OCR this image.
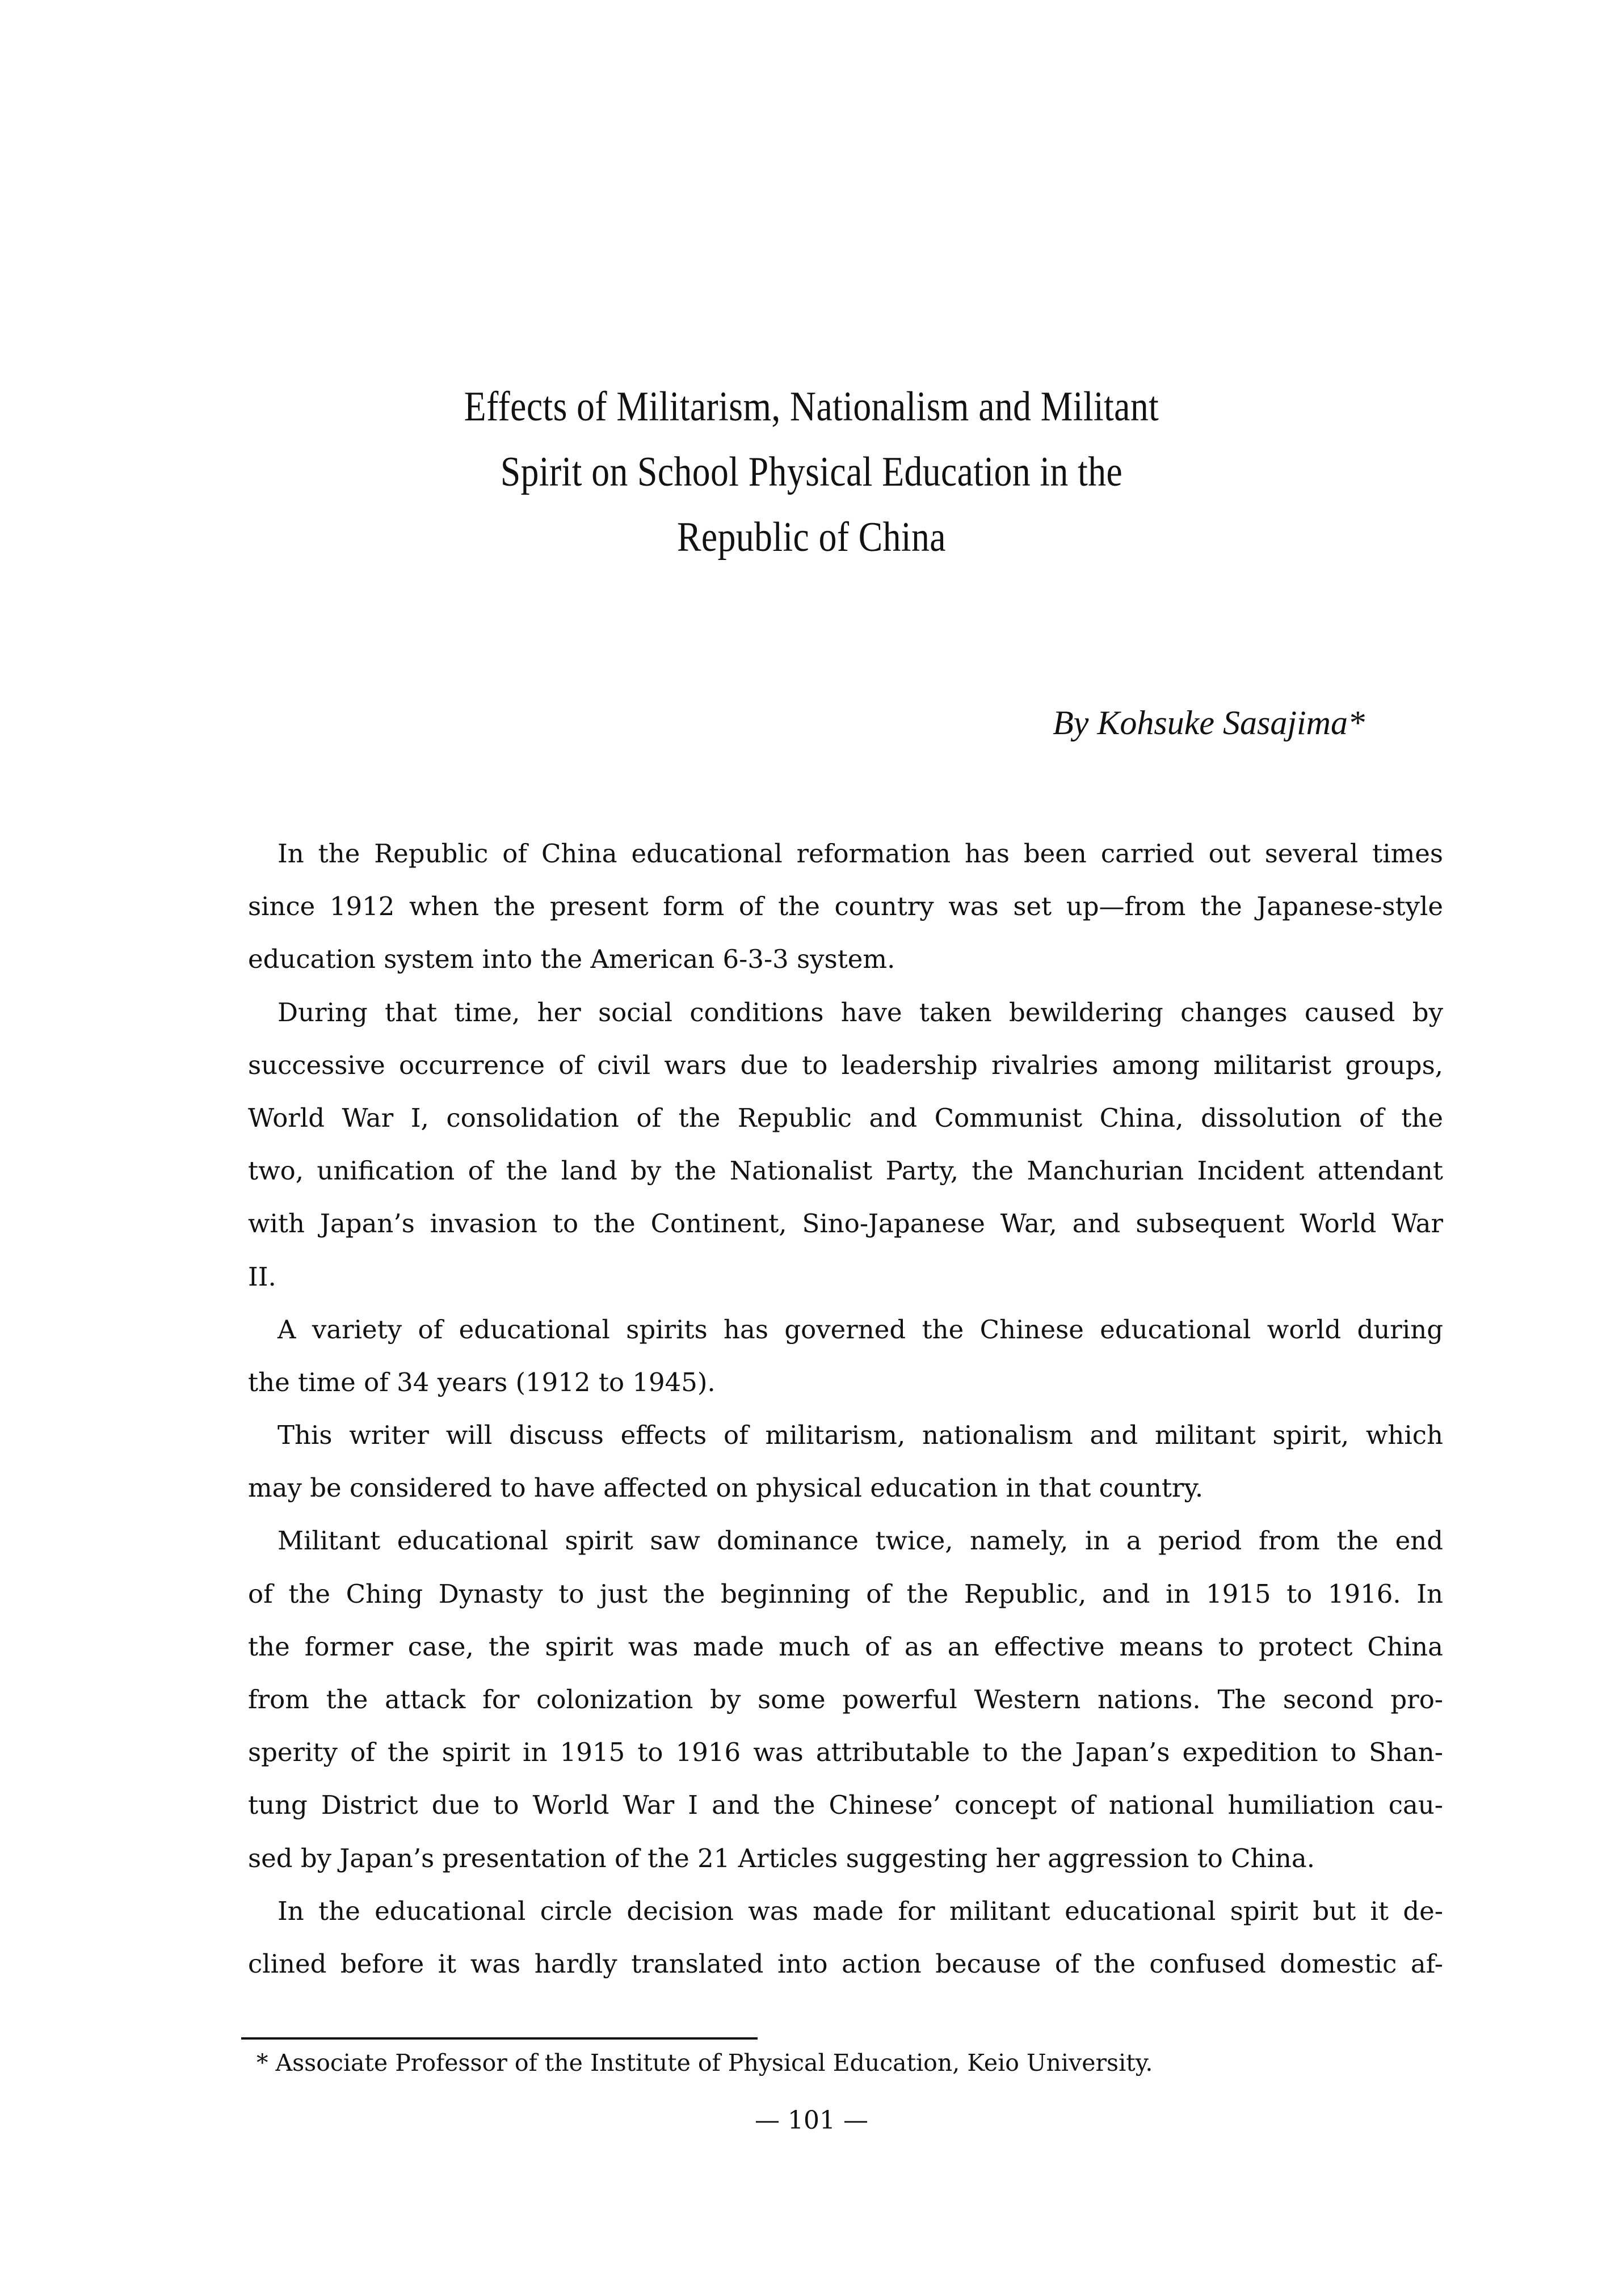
Effects of Militarism, Nationalism and Militant
Spirit on School Physical Education in the
Republic of China
By Kohsuke Sasajima*
In the Republic of China educational reformation has been carried out several times
since 1912 when the present form of the country was set up—from the Japanese-style
education system into the American 6-3-3 system.
During that time, her social conditions have taken bewildering changes caused by
successive occurrence of civil wars due to leadership rivalries among militarist groups,
World War I, consolidation of the Republic and Communist China, dissolution of the
two, unification of the land by the Nationalist Party, the Manchurian Incident attendant
with Japan’s invasion to the Continent, Sino-Japanese War, and subsequent World War
II.
A variety of educational spirits has governed the Chinese educational world during
the time of 34 years (1912 to 1945).
This writer will discuss effects of militarism, nationalism and militant spirit, which
may be considered to have affected on physical education in that country.
Militant educational spirit saw dominance twice, namely, in a period from the end
of the Ching Dynasty to just the beginning of the Republic, and in 1915 to 1916. In
the former case, the spirit was made much of as an effective means to protect China
from the attack for colonization by some powerful Western nations. The second pro-
sperity of the spirit in 1915 to 1916 was attributable to the Japan’s expedition to Shan-
tung District due to World War I and the Chinese’ concept of national humiliation cau-
sed by Japan’s presentation of the 21 Articles suggesting her aggression to China.
In the educational circle decision was made for militant educational spirit but it de-
clined before it was hardly translated into action because of the confused domestic af-
* Associate Professor of the Institute of Physical Education, Keio University.
— 101 —
